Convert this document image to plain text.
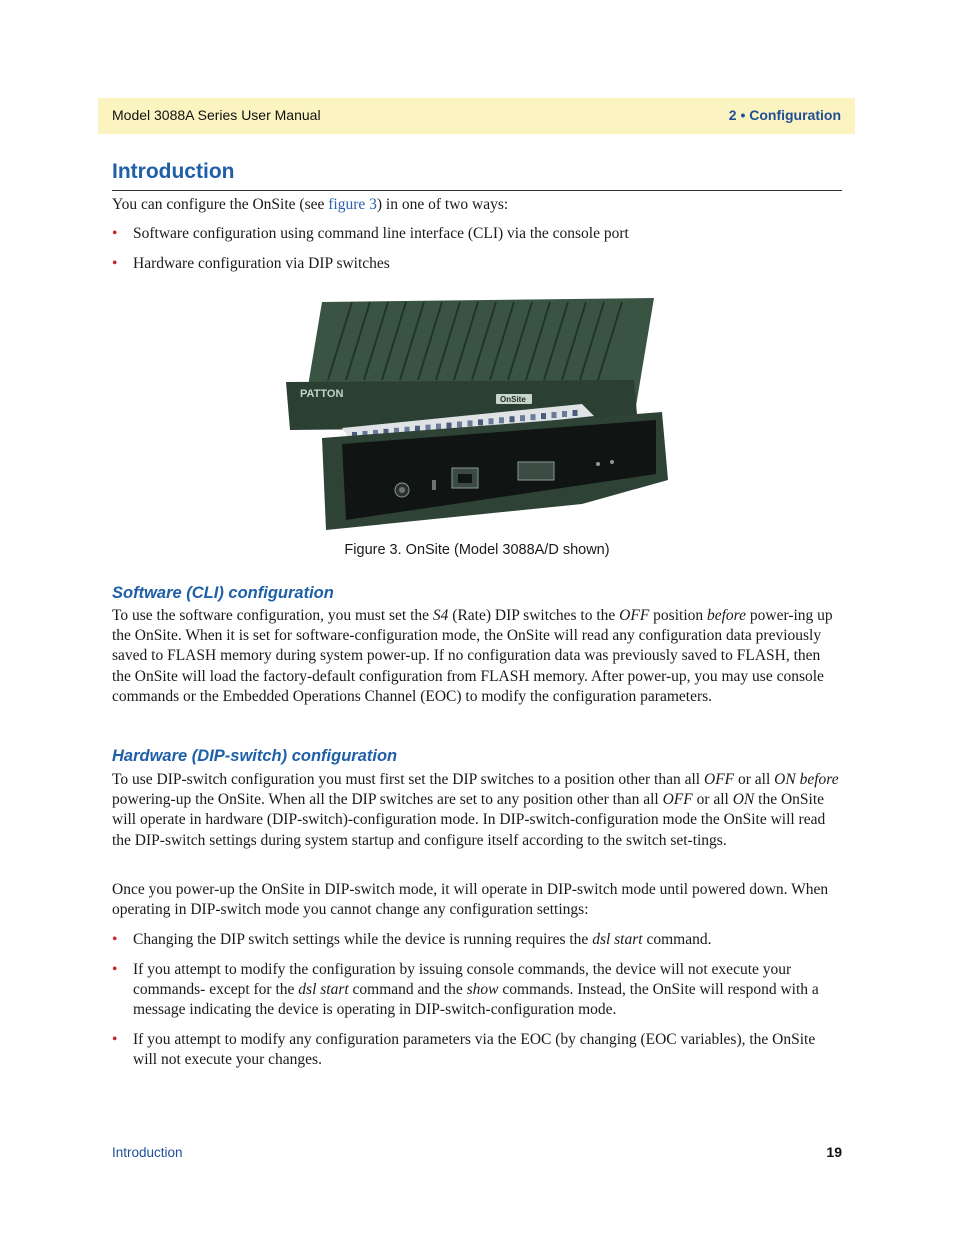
Model 3088A Series User Manual	2 • Configuration
Introduction
You can configure the OnSite (see figure 3) in one of two ways:
• Software configuration using command line interface (CLI) via the console port
• Hardware configuration via DIP switches
PATTON	OnSite
Figure 3. OnSite (Model 3088A/D shown)
Software (CLI) configuration
To use the software configuration, you must set the S4 (Rate) DIP switches to the OFF position before power-ing up the OnSite. When it is set for software-configuration mode, the OnSite will read any configuration data previously saved to FLASH memory during system power-up. If no configuration data was previously saved to FLASH, then the OnSite will load the factory-default configuration from FLASH memory. After power-up, you may use console commands or the Embedded Operations Channel (EOC) to modify the configuration parameters.
Hardware (DIP-switch) configuration
To use DIP-switch configuration you must first set the DIP switches to a position other than all OFF or all ON before powering-up the OnSite. When all the DIP switches are set to any position other than all OFF or all ON the OnSite will operate in hardware (DIP-switch)-configuration mode. In DIP-switch-configuration mode the OnSite will read the DIP-switch settings during system startup and configure itself according to the switch set-tings.
Once you power-up the OnSite in DIP-switch mode, it will operate in DIP-switch mode until powered down. When operating in DIP-switch mode you cannot change any configuration settings:
• Changing the DIP switch settings while the device is running requires the dsl start command.
• If you attempt to modify the configuration by issuing console commands, the device will not execute your commands- except for the dsl start command and the show commands. Instead, the OnSite will respond with a message indicating the device is operating in DIP-switch-configuration mode.
• If you attempt to modify any configuration parameters via the EOC (by changing (EOC variables), the OnSite will not execute your changes.
Introduction	19
